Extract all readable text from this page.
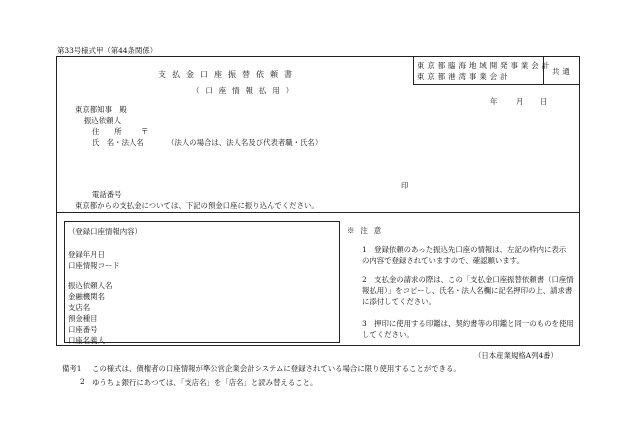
第33号様式甲（第44条関係）
東京都臨海地域開発事業会計
東京都港湾事業会計
共通
支払金口座振替依頼書
（口座情報払用）
年	月 日
東京都知事　殿
振込依頼人
住　　所	〒
氏　名・法人名	（法人の場合は、法人名及び代表者職・氏名）
印
電話番号
東京都からの支払金については、下記の預金口座に振り込んでください。
（登録口座情報内容）
登録年月日
口座情報コード
振込依頼人名
金融機関名
支店名
預金種目
口座番号
口座名義人
※注意
1　登録依頼のあった振込先口座の情報は、左記の枠内に表示の内容で登録されていますので、確認願います。
2　支払金の請求の際は、この「支払金口座振替依頼書（口座情報払用）」をコピーし、氏名・法人名欄に記名押印の上、請求書に添付してください。
3　押印に使用する印鑑は、契約書等の印鑑と同一のものを使用してください。
（日本産業規格A列4番）
備考1 この様式は、債権者の口座情報が準公営企業会計システムに登録されている場合に限り使用することができる。
2 ゆうちょ銀行にあつては、「支店名」を「店名」と読み替えること。
